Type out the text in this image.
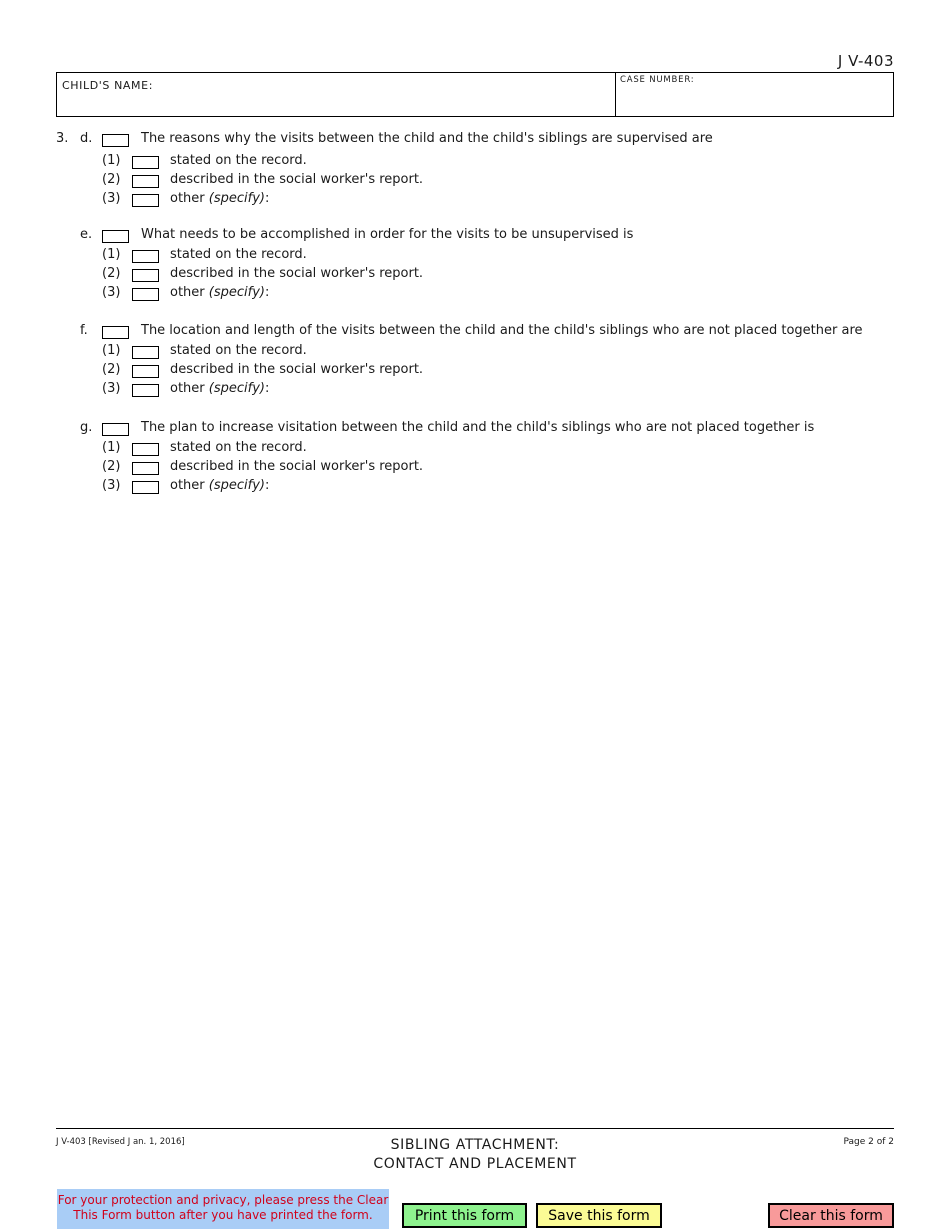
J V-403
CHILD'S NAME:	CASE NUMBER:
3. d.	The reasons why the visits between the child and the child's siblings are supervised are
(1)	stated on the record.
(2)	described in the social worker's report.
(3)	other (specify):
e.	What needs to be accomplished in order for the visits to be unsupervised is
(1)	stated on the record.
(2)	described in the social worker's report.
(3)	other (specify):
f.	The location and length of the visits between the child and the child's siblings who are not placed together are
(1)	stated on the record.
(2)	described in the social worker's report.
(3)	other (specify):
g.	The plan to increase visitation between the child and the child's siblings who are not placed together is
(1)	stated on the record.
(2)	described in the social worker's report.
(3)	other (specify):
J V-403 [Revised J an. 1, 2016]	SIBLING ATTACHMENT:
CONTACT AND PLACEMENT
Page 2 of 2
For your protection and privacy, please press the Clear This Form button after you have printed the form.	Print this form	Save this form	Clear this form
